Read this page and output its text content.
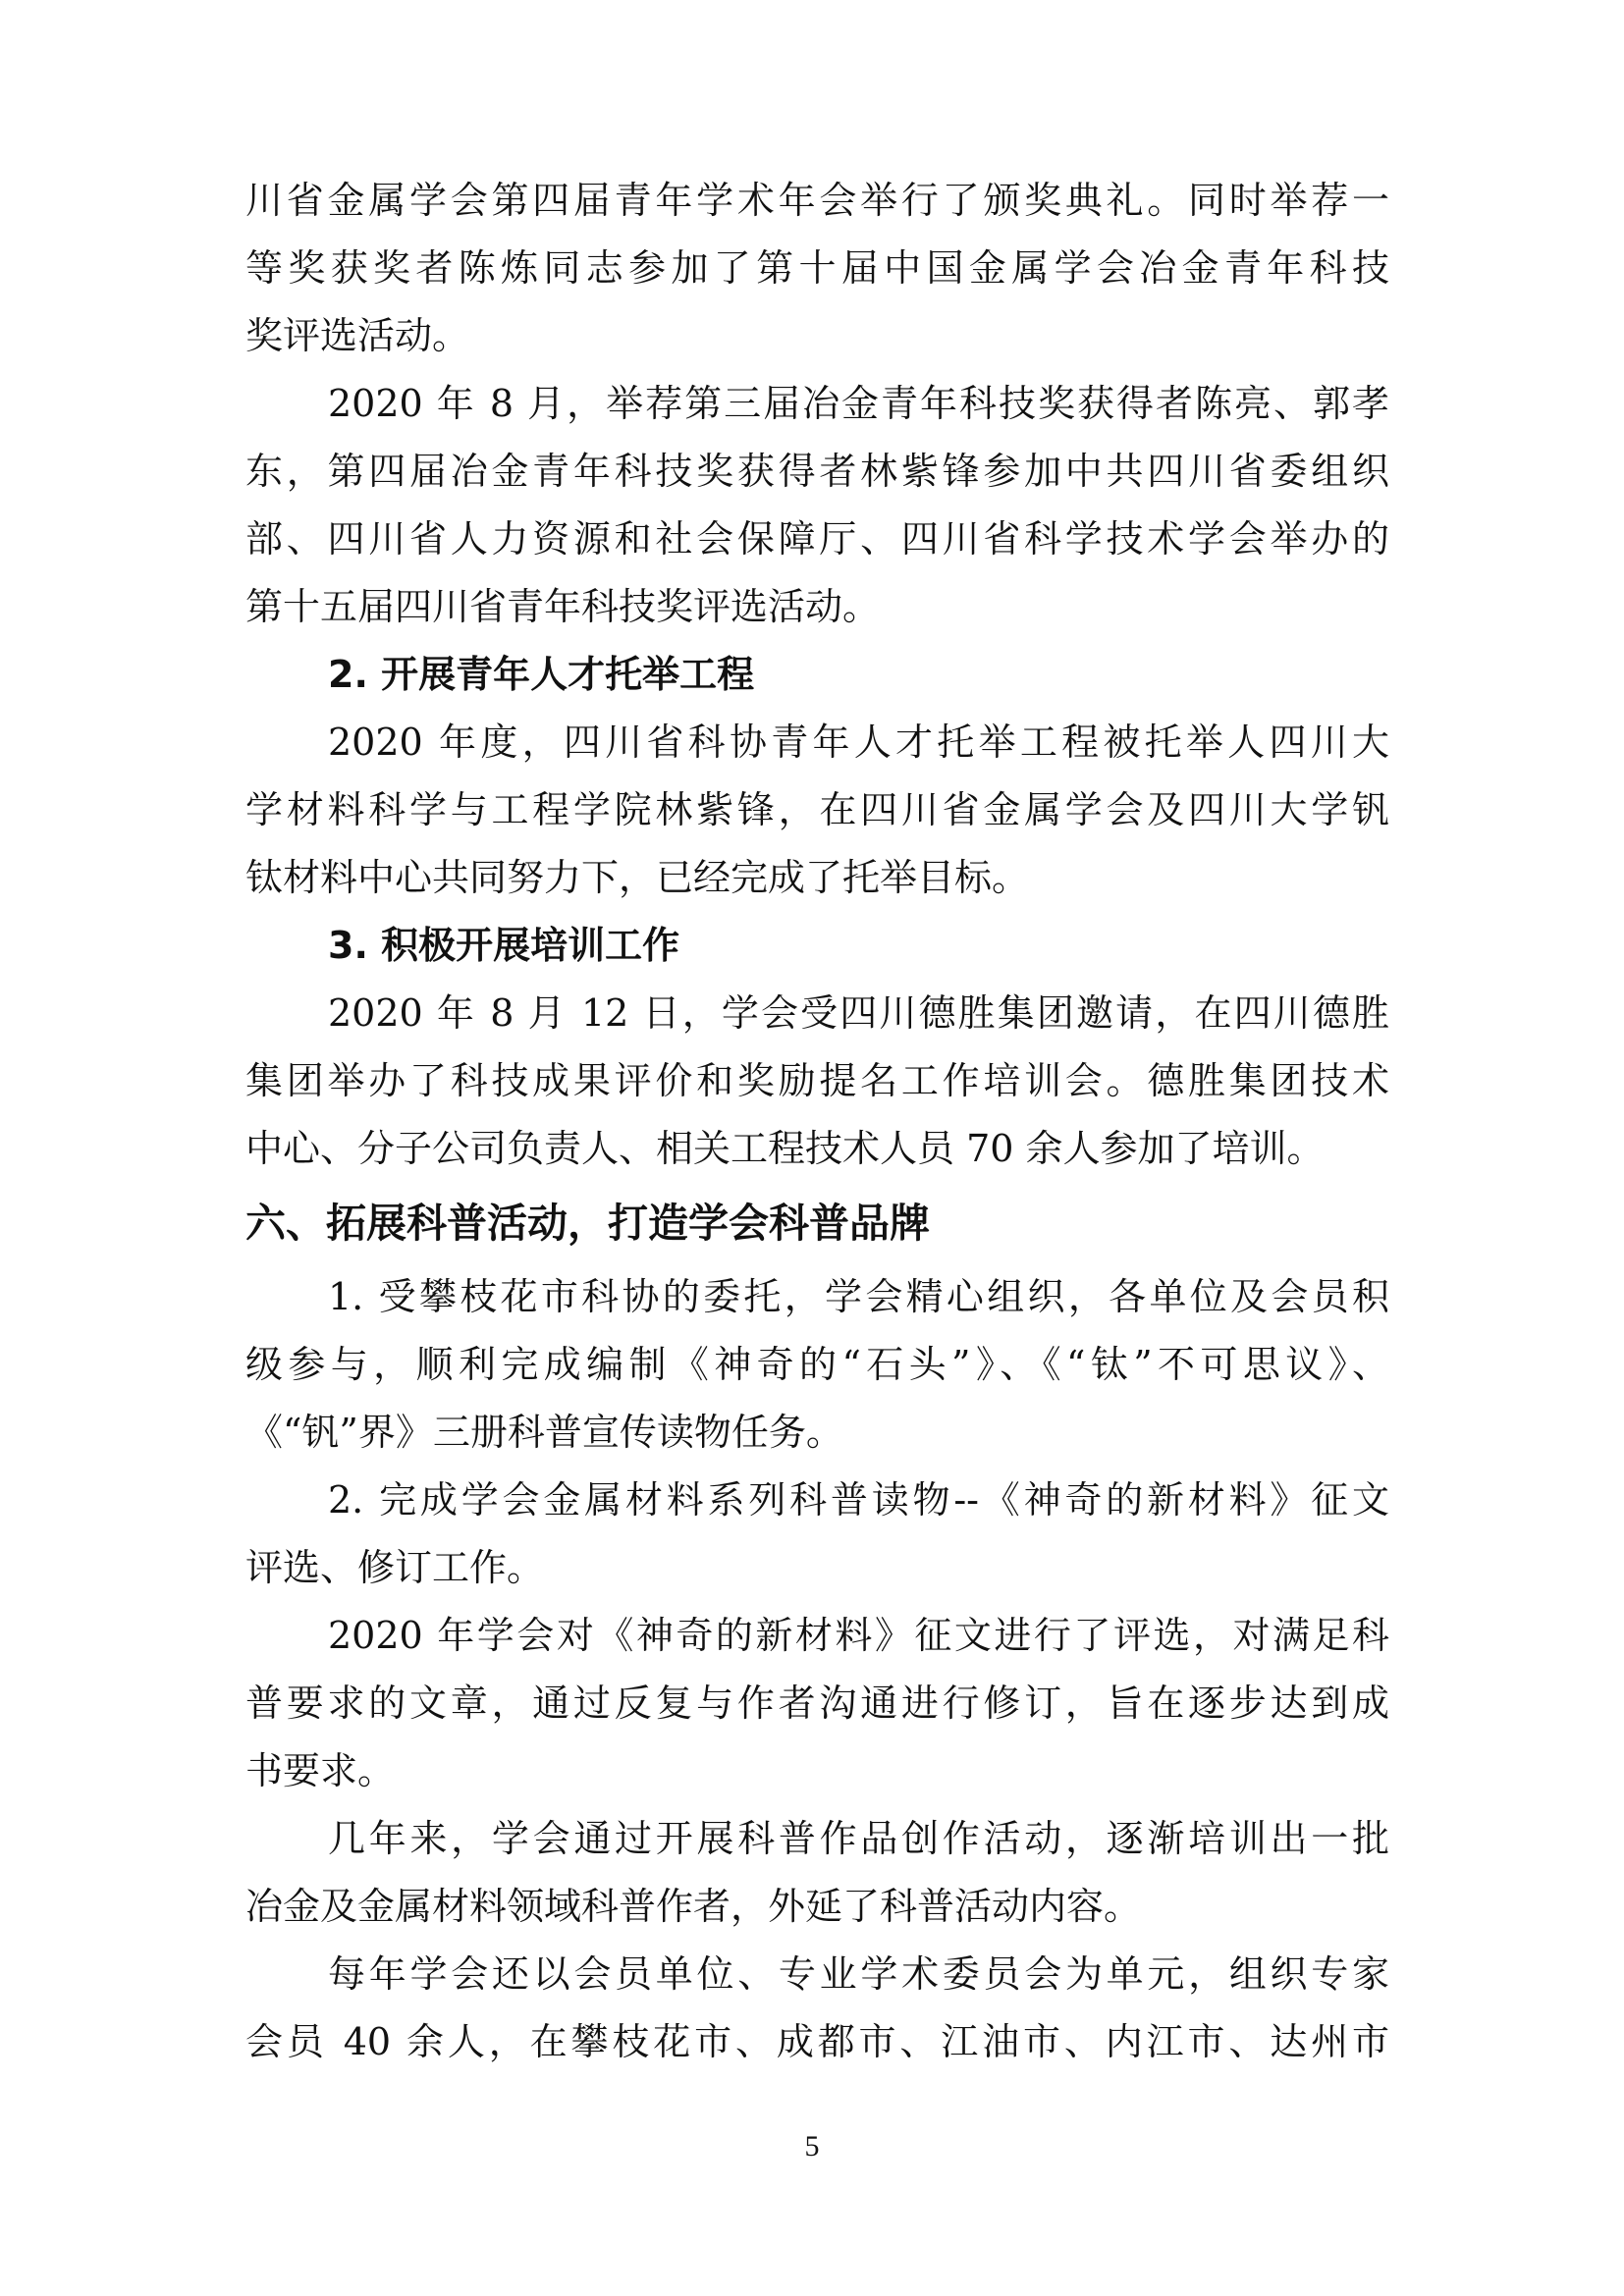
川省金属学会第四届青年学术年会举行了颁奖典礼。同时举荐一
等奖获奖者陈炼同志参加了第十届中国金属学会冶金青年科技
奖评选活动。
2020 年 8 月，举荐第三届冶金青年科技奖获得者陈亮、郭孝
东，第四届冶金青年科技奖获得者林紫锋参加中共四川省委组织
部、四川省人力资源和社会保障厅、四川省科学技术学会举办的
第十五届四川省青年科技奖评选活动。
2. 开展青年人才托举工程
2020 年度，四川省科协青年人才托举工程被托举人四川大
学材料科学与工程学院林紫锋，在四川省金属学会及四川大学钒
钛材料中心共同努力下，已经完成了托举目标。
3. 积极开展培训工作
2020 年 8 月 12 日，学会受四川德胜集团邀请，在四川德胜
集团举办了科技成果评价和奖励提名工作培训会。德胜集团技术
中心、分子公司负责人、相关工程技术人员 70 余人参加了培训。
六、拓展科普活动，打造学会科普品牌
1. 受攀枝花市科协的委托，学会精心组织，各单位及会员积
级参与，顺利完成编制《神奇的“石头”》、《“钛”不可思议》、
《“钒”界》三册科普宣传读物任务。
2. 完成学会金属材料系列科普读物--《神奇的新材料》征文
评选、修订工作。
2020 年学会对《神奇的新材料》征文进行了评选，对满足科
普要求的文章，通过反复与作者沟通进行修订，旨在逐步达到成
书要求。
几年来，学会通过开展科普作品创作活动，逐渐培训出一批
冶金及金属材料领域科普作者，外延了科普活动内容。
每年学会还以会员单位、专业学术委员会为单元，组织专家
会员 40 余人，在攀枝花市、成都市、江油市、内江市、达州市
5
